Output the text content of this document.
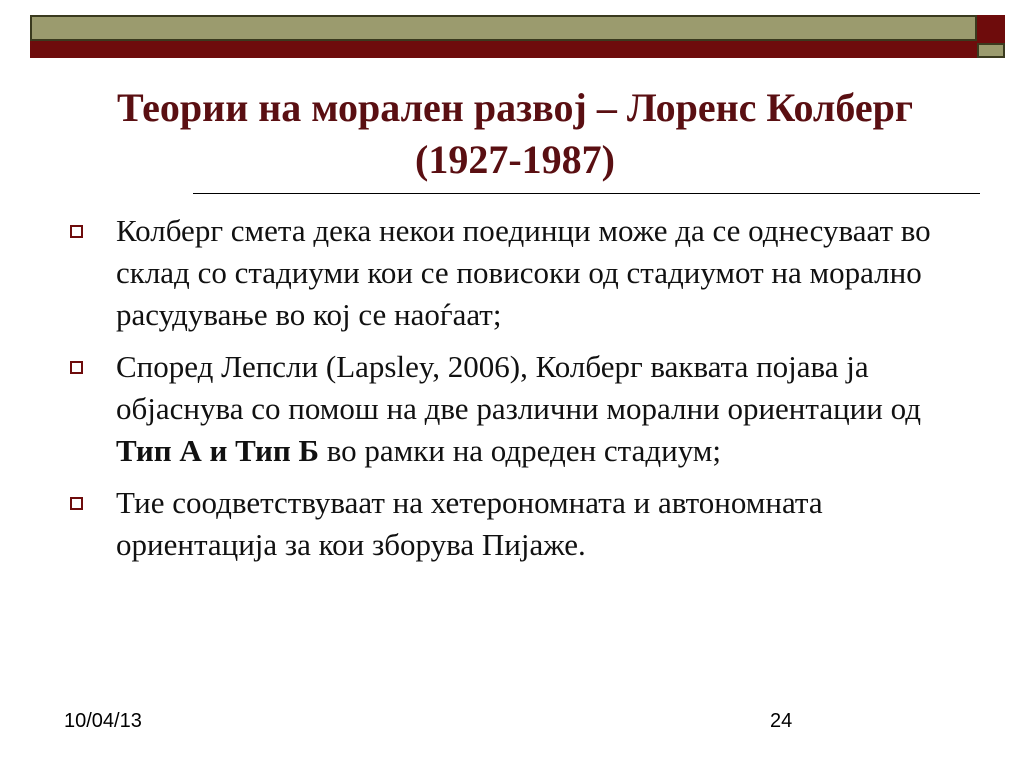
Теории на морален развој – Лоренс Колберг (1927-1987)
Колберг смета дека некои поединци може да се однесуваат во склад со стадиуми кои се повисоки од стадиумот на морално расудување во кој се наоѓаат;
Според Лепсли (Lapsley, 2006), Колберг ваквата појава ја објаснува со помош на две различни морални ориентации од Тип А и Тип Б во рамки на одреден стадиум;
Тие соодветствуваат на хетерономната и автономната ориентација за кои зборува Пијаже.
10/04/13	24
